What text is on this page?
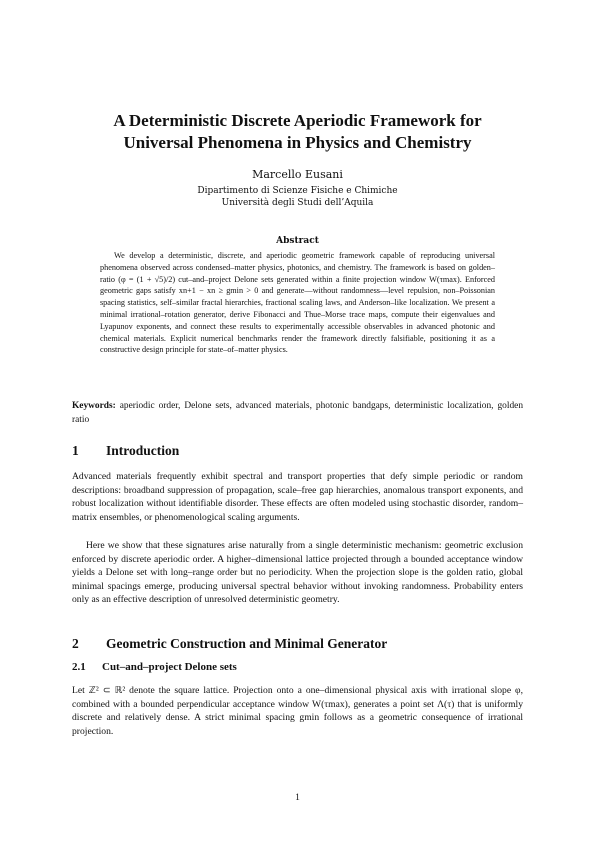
A Deterministic Discrete Aperiodic Framework for
Universal Phenomena in Physics and Chemistry
Marcello Eusani
Dipartimento di Scienze Fisiche e Chimiche
Università degli Studi dell’Aquila
Abstract

We develop a deterministic, discrete, and aperiodic geometric framework capable of reproducing universal phenomena observed across condensed–matter physics, photonics, and chemistry. The framework is based on golden–ratio (φ = (1 + √5)/2) cut–and–project Delone sets generated within a finite projection window W(τmax). Enforced geometric gaps satisfy xn+1 − xn ≥ gmin > 0 and generate—without randomness—level repulsion, non–Poissonian spacing statistics, self–similar fractal hierarchies, fractional scaling laws, and Anderson–like localization. We present a minimal irrational–rotation generator, derive Fibonacci and Thue–Morse trace maps, compute their eigenvalues and Lyapunov exponents, and connect these results to experimentally accessible observables in advanced photonic and chemical materials. Explicit numerical benchmarks render the framework directly falsifiable, positioning it as a constructive design principle for state–of–matter physics.

Keywords: aperiodic order, Delone sets, advanced materials, photonic bandgaps, deterministic localization, golden ratio

1 Introduction

Advanced materials frequently exhibit spectral and transport properties that defy simple periodic or random descriptions: broadband suppression of propagation, scale–free gap hierarchies, anomalous transport exponents, and robust localization without identifiable disorder. These effects are often modeled using stochastic disorder, random–matrix ensembles, or phenomenological scaling arguments.

Here we show that these signatures arise naturally from a single deterministic mechanism: geometric exclusion enforced by discrete aperiodic order. A higher–dimensional lattice projected through a bounded acceptance window yields a Delone set with long–range order but no periodicity. When the projection slope is the golden ratio, global minimal spacings emerge, producing universal spectral behavior without invoking randomness. Probability enters only as an effective description of unresolved deterministic geometry.

2 Geometric Construction and Minimal Generator
2.1 Cut–and–project Delone sets

Let ℤ² ⊂ ℝ² denote the square lattice. Projection onto a one–dimensional physical axis with irrational slope φ, combined with a bounded perpendicular acceptance window W(τmax), generates a point set Λ(τ) that is uniformly discrete and relatively dense. A strict minimal spacing gmin follows as a geometric consequence of irrational projection.

1
